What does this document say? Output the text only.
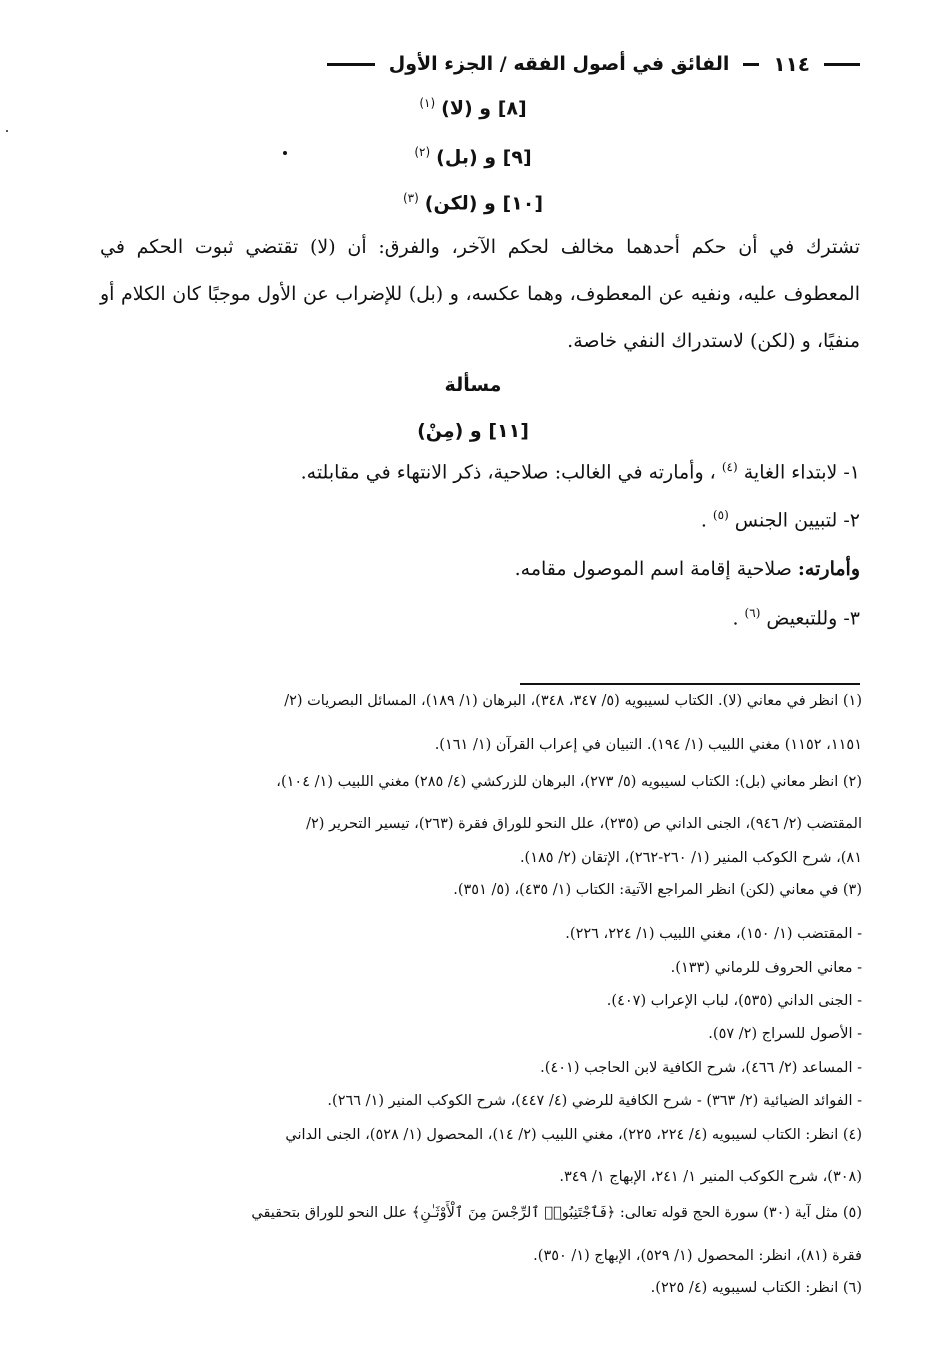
١١٤
الفائق في أصول الفقه / الجزء الأول
[٨] و (لا)$^{(١)}$
[٩] و (بل)$^{(٢)}$
[١٠] و (لكن)$^{(٣)}$
تشترك في أن حكم أحدهما مخالف لحكم الآخر، والفرق: أن (لا) تقتضي ثبوت الحكم في المعطوف عليه، ونفيه عن المعطوف، وهما عكسه، و (بل) للإضراب عن الأول موجبًا كان الكلام أو منفيًا، و (لكن) لاستدراك النفي خاصة.
مسألة
[١١] و (مِنْ)
١- لابتداء الغاية $^{(٤)}$ ، وأمارته في الغالب: صلاحية، ذكر الانتهاء في مقابلته.
٢- لتبيين الجنس $^{(٥)}$ .
وأمارته: صلاحية إقامة اسم الموصول مقامه.
٣- وللتبعيض $^{(٦)}$ .
(١) انظر في معاني (لا). الكتاب لسيبويه (٥/ ٣٤٧، ٣٤٨)، البرهان (١/ ١٨٩)، المسائل البصريات (٢/
١١٥١، ١١٥٢) مغني اللبيب (١/ ١٩٤). التبيان في إعراب القرآن (١/ ١٦١).
(٢) انظر معاني (بل): الكتاب لسيبويه (٥/ ٢٧٣)، البرهان للزركشي (٤/ ٢٨٥) مغني اللبيب (١/ ١٠٤)،
المقتضب (٢/ ٩٤٦)، الجنى الداني ص (٢٣٥)، علل النحو للوراق فقرة (٢٦٣)، تيسير التحرير (٢/
٨١)، شرح الكوكب المنير (١/ ٢٦٠-٢٦٢)، الإتقان (٢/ ١٨٥).
(٣) في معاني (لكن) انظر المراجع الآتية: الكتاب (١/ ٤٣٥)، (٥/ ٣٥١).
- المقتضب (١/ ١٥٠)، مغني اللبيب (١/ ٢٢٤، ٢٢٦).
- معاني الحروف للرماني (١٣٣).
- الجنى الداني (٥٣٥)، لباب الإعراب (٤٠٧).
- الأصول للسراج (٢/ ٥٧).
- المساعد (٢/ ٤٦٦)، شرح الكافية لابن الحاجب (٤٠١).
- الفوائد الضيائية (٢/ ٣٦٣) - شرح الكافية للرضي (٤/ ٤٤٧)، شرح الكوكب المنير (١/ ٢٦٦).
(٤) انظر: الكتاب لسيبويه (٤/ ٢٢٤، ٢٢٥)، مغني اللبيب (٢/ ١٤)، المحصول (١/ ٥٢٨)، الجنى الداني
(٣٠٨)، شرح الكوكب المنير ١/ ٢٤١، الإبهاج ١/ ٣٤٩.
(٥) مثل آية (٣٠) سورة الحج قوله تعالى: ﴿فَٱجْتَنِبُوا۟ ٱلرِّجْسَ مِنَ ٱلْأَوْثَـٰنِ﴾ علل النحو للوراق بتحقيقي
فقرة (٨١)، انظر: المحصول (١/ ٥٢٩)، الإبهاج (١/ ٣٥٠).
(٦) انظر: الكتاب لسيبويه (٤/ ٢٢٥).
